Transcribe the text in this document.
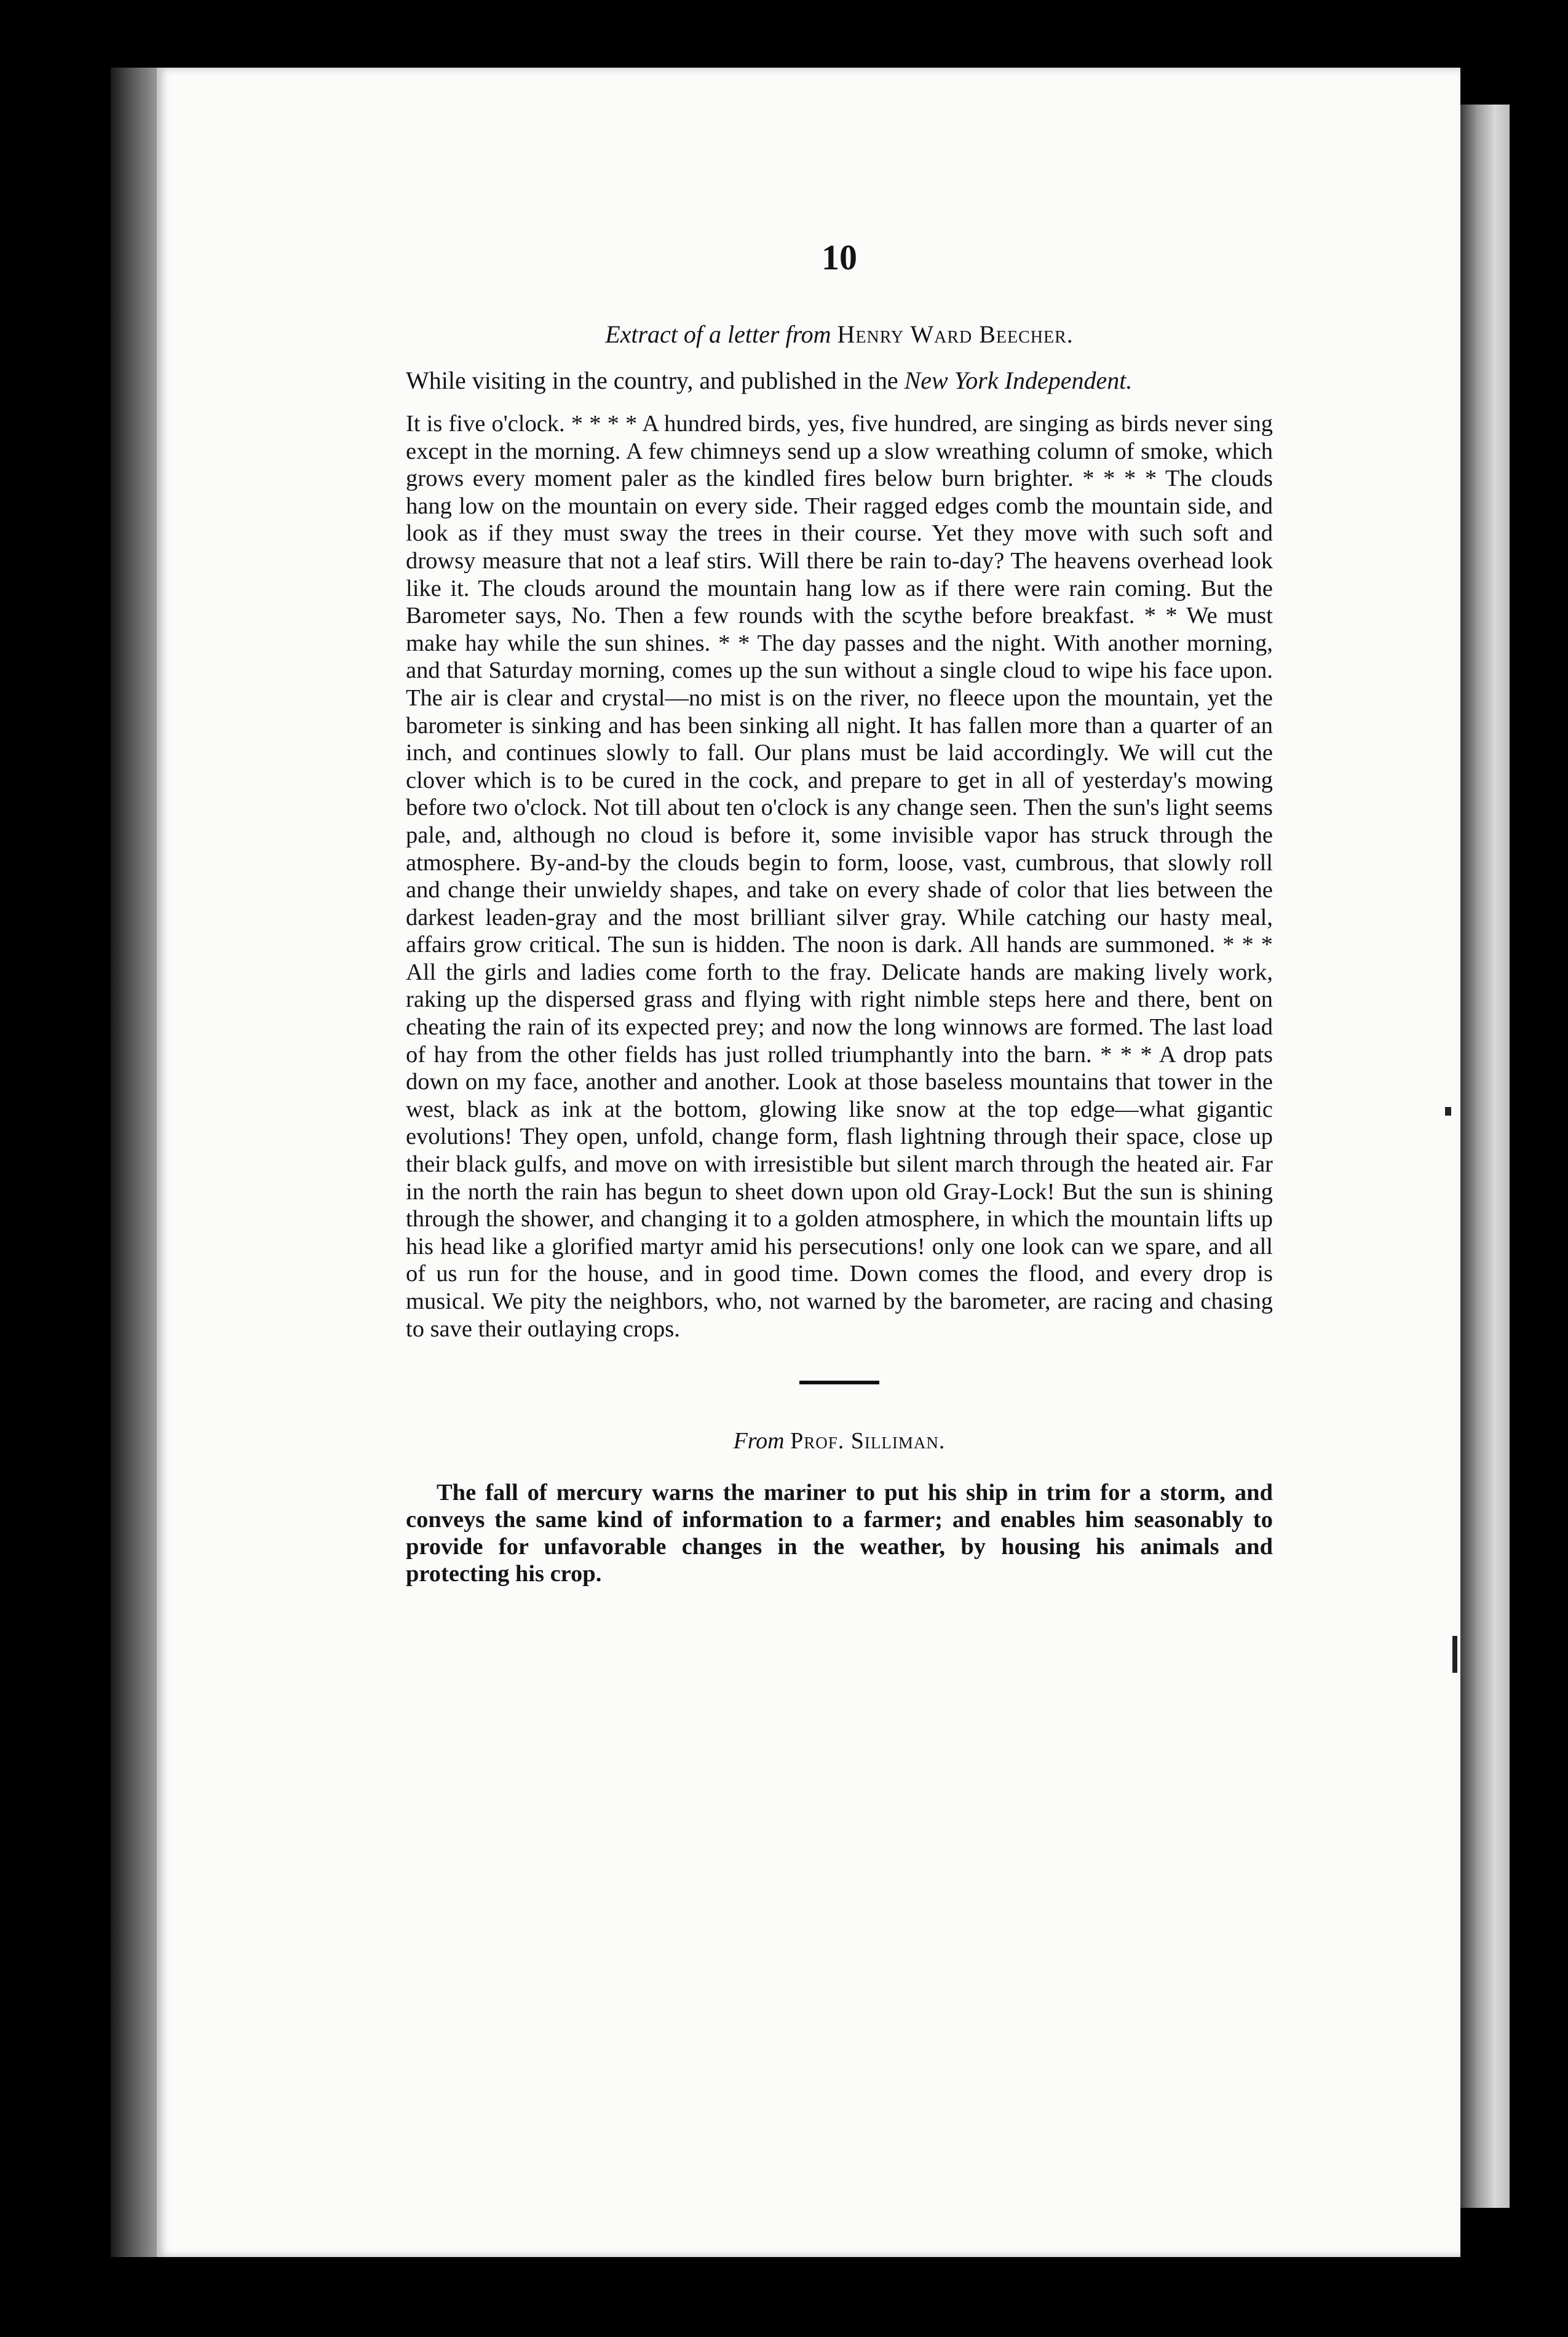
10
Extract of a letter from Henry Ward Beecher.
While visiting in the country, and published in the New York Independent.

It is five o'clock. * * * * A hundred birds, yes, five hundred, are singing as birds never sing except in the morning. A few chimneys send up a slow wreathing column of smoke, which grows every moment paler as the kindled fires below burn brighter. * * * * The clouds hang low on the mountain on every side. Their ragged edges comb the mountain side, and look as if they must sway the trees in their course. Yet they move with such soft and drowsy measure that not a leaf stirs. Will there be rain to-day? The heavens overhead look like it. The clouds around the mountain hang low as if there were rain coming. But the Barometer says, No. Then a few rounds with the scythe before breakfast. * * We must make hay while the sun shines. * * The day passes and the night. With another morning, and that Saturday morning, comes up the sun without a single cloud to wipe his face upon. The air is clear and crystal—no mist is on the river, no fleece upon the mountain, yet the barometer is sinking and has been sinking all night. It has fallen more than a quarter of an inch, and continues slowly to fall. Our plans must be laid accordingly. We will cut the clover which is to be cured in the cock, and prepare to get in all of yesterday's mowing before two o'clock. Not till about ten o'clock is any change seen. Then the sun's light seems pale, and, although no cloud is before it, some invisible vapor has struck through the atmosphere. By-and-by the clouds begin to form, loose, vast, cumbrous, that slowly roll and change their unwieldy shapes, and take on every shade of color that lies between the darkest leaden-gray and the most brilliant silver gray. While catching our hasty meal, affairs grow critical. The sun is hidden. The noon is dark. All hands are summoned. * * * All the girls and ladies come forth to the fray. Delicate hands are making lively work, raking up the dispersed grass and flying with right nimble steps here and there, bent on cheating the rain of its expected prey; and now the long winnows are formed. The last load of hay from the other fields has just rolled triumphantly into the barn. * * * A drop pats down on my face, another and another. Look at those baseless mountains that tower in the west, black as ink at the bottom, glowing like snow at the top edge—what gigantic evolutions! They open, unfold, change form, flash lightning through their space, close up their black gulfs, and move on with irresistible but silent march through the heated air. Far in the north the rain has begun to sheet down upon old Gray-Lock! But the sun is shining through the shower, and changing it to a golden atmosphere, in which the mountain lifts up his head like a glorified martyr amid his persecutions! only one look can we spare, and all of us run for the house, and in good time. Down comes the flood, and every drop is musical. We pity the neighbors, who, not warned by the barometer, are racing and chasing to save their outlaying crops.

From Prof. Silliman.

The fall of mercury warns the mariner to put his ship in trim for a storm, and conveys the same kind of information to a farmer; and enables him seasonably to provide for unfavorable changes in the weather, by housing his animals and protecting his crop.
